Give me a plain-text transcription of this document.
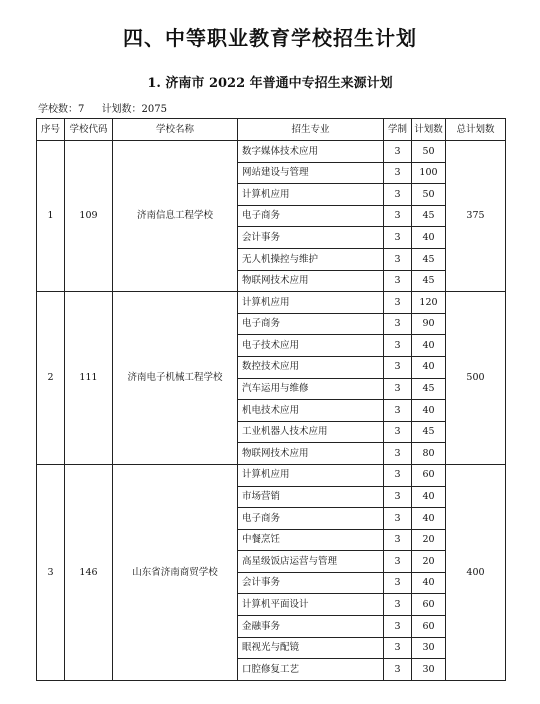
四、中等职业教育学校招生计划
1. 济南市 2022 年普通中专招生来源计划
学校数：7 计划数：2075
序号	学校代码	学校名称	招生专业	学制	计划数	总计划数
1	109	济南信息工程学校	数字媒体技术应用	3	50	375
			网站建设与管理	3	100	
			计算机应用	3	50	
			电子商务	3	45	
			会计事务	3	40	
			无人机操控与维护	3	45	
			物联网技术应用	3	45	
2	111	济南电子机械工程学校	计算机应用	3	120	500
			电子商务	3	90	
			电子技术应用	3	40	
			数控技术应用	3	40	
			汽车运用与维修	3	45	
			机电技术应用	3	40	
			工业机器人技术应用	3	45	
			物联网技术应用	3	80	
3	146	山东省济南商贸学校	计算机应用	3	60	400
			市场营销	3	40	
			电子商务	3	40	
			中餐烹饪	3	20	
			高星级饭店运营与管理	3	20	
			会计事务	3	40	
			计算机平面设计	3	60	
			金融事务	3	60	
			眼视光与配镜	3	30	
			口腔修复工艺	3	30	
